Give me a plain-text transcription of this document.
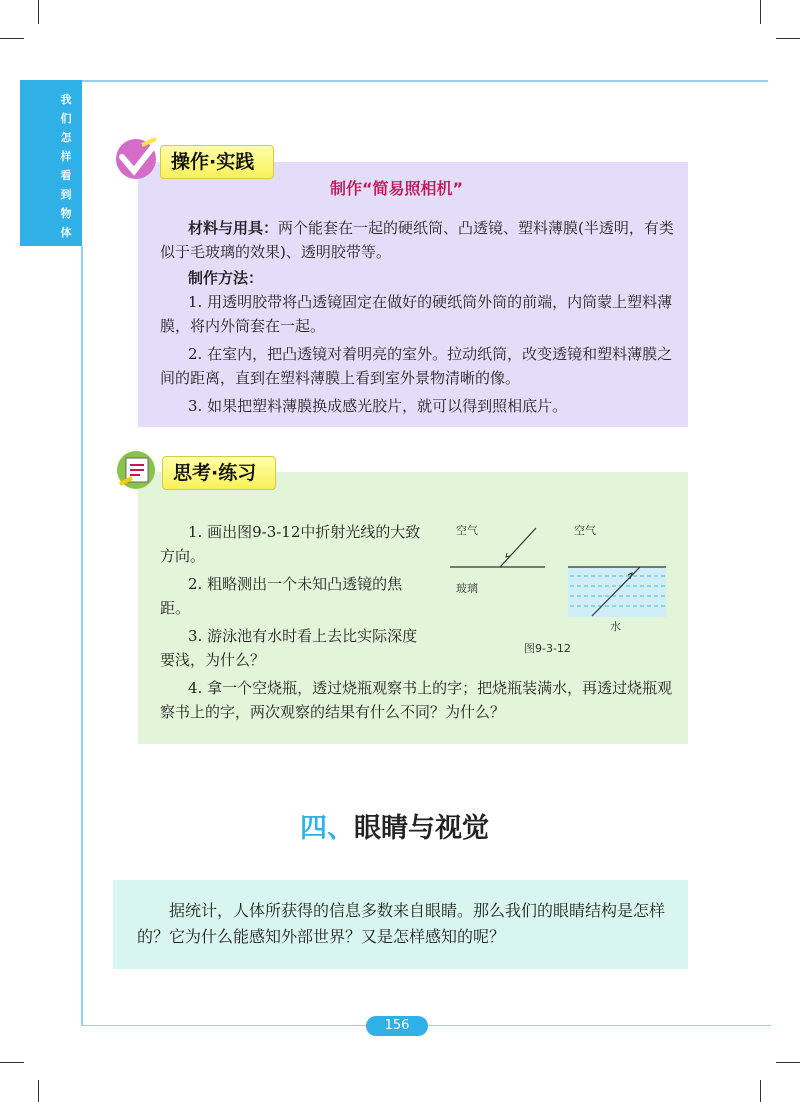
我
们
怎
样
看
到
物
体
操作·实践
制作“简易照相机”
材料与用具：两个能套在一起的硬纸筒、凸透镜、塑料薄膜(半透明，有类似于毛玻璃的效果)、透明胶带等。
制作方法：
1. 用透明胶带将凸透镜固定在做好的硬纸筒外筒的前端，内筒蒙上塑料薄膜，将内外筒套在一起。
2. 在室内，把凸透镜对着明亮的室外。拉动纸筒，改变透镜和塑料薄膜之间的距离，直到在塑料薄膜上看到室外景物清晰的像。
3. 如果把塑料薄膜换成感光胶片，就可以得到照相底片。
思考·练习
1. 画出图9-3-12中折射光线的大致方向。
2. 粗略测出一个未知凸透镜的焦距。
3. 游泳池有水时看上去比实际深度要浅，为什么？
4. 拿一个空烧瓶，透过烧瓶观察书上的字；把烧瓶装满水，再透过烧瓶观察书上的字，两次观察的结果有什么不同？为什么？
空气
玻璃
空气
水
图9-3-12
四、眼睛与视觉
据统计，人体所获得的信息多数来自眼睛。那么我们的眼睛结构是怎样的？它为什么能感知外部世界？又是怎样感知的呢？
156
